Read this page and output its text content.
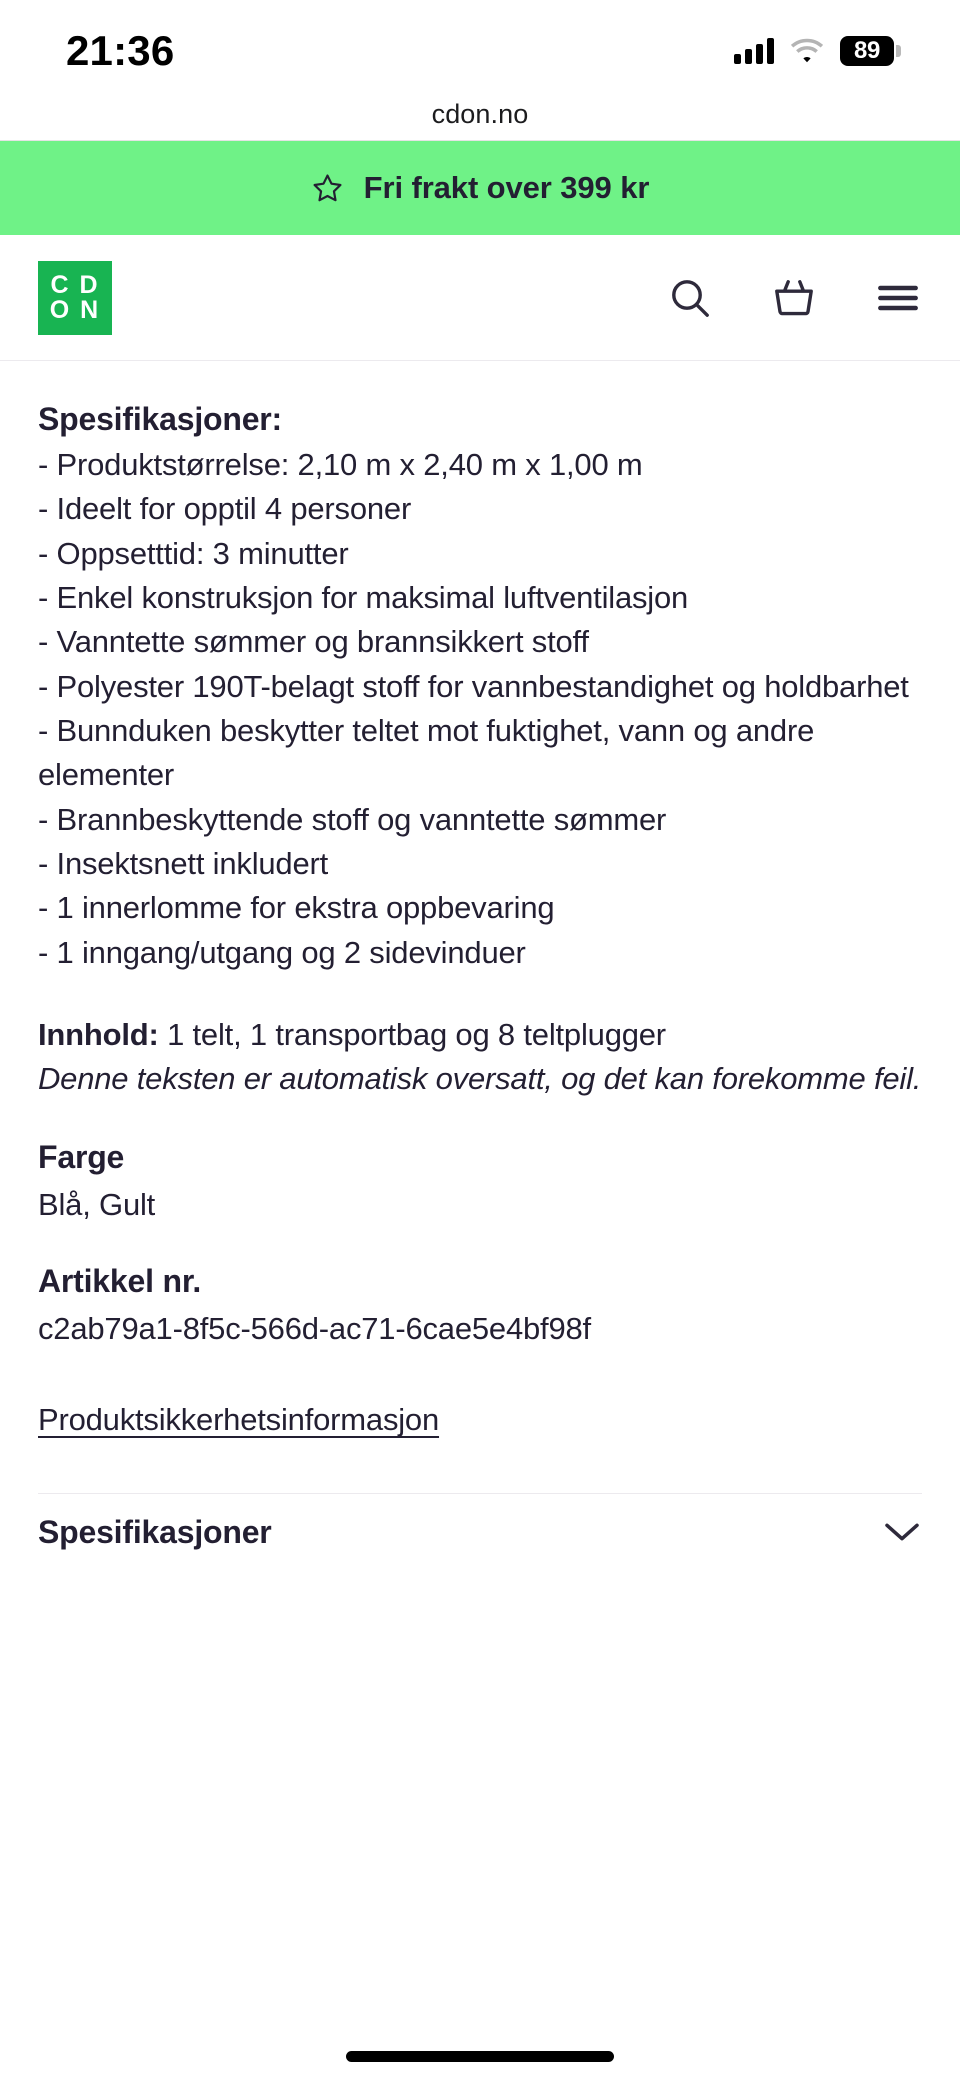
21:36	89
cdon.no
Fri frakt over 399 kr
C D
O N
Spesifikasjoner:
- Produktstørrelse: 2,10 m x 2,40 m x 1,00 m
- Ideelt for opptil 4 personer
- Oppsetttid: 3 minutter
- Enkel konstruksjon for maksimal luftventilasjon
- Vanntette sømmer og brannsikkert stoff
- Polyester 190T-belagt stoff for vannbestandighet og holdbarhet
- Bunnduken beskytter teltet mot fuktighet, vann og andre elementer
- Brannbeskyttende stoff og vanntette sømmer
- Insektsnett inkludert
- 1 innerlomme for ekstra oppbevaring
- 1 inngang/utgang og 2 sidevinduer
Innhold: 1 telt, 1 transportbag og 8 teltplugger
Denne teksten er automatisk oversatt, og det kan forekomme feil.
Farge
Blå, Gult
Artikkel nr.
c2ab79a1-8f5c-566d-ac71-6cae5e4bf98f
Produktsikkerhetsinformasjon
Spesifikasjoner
